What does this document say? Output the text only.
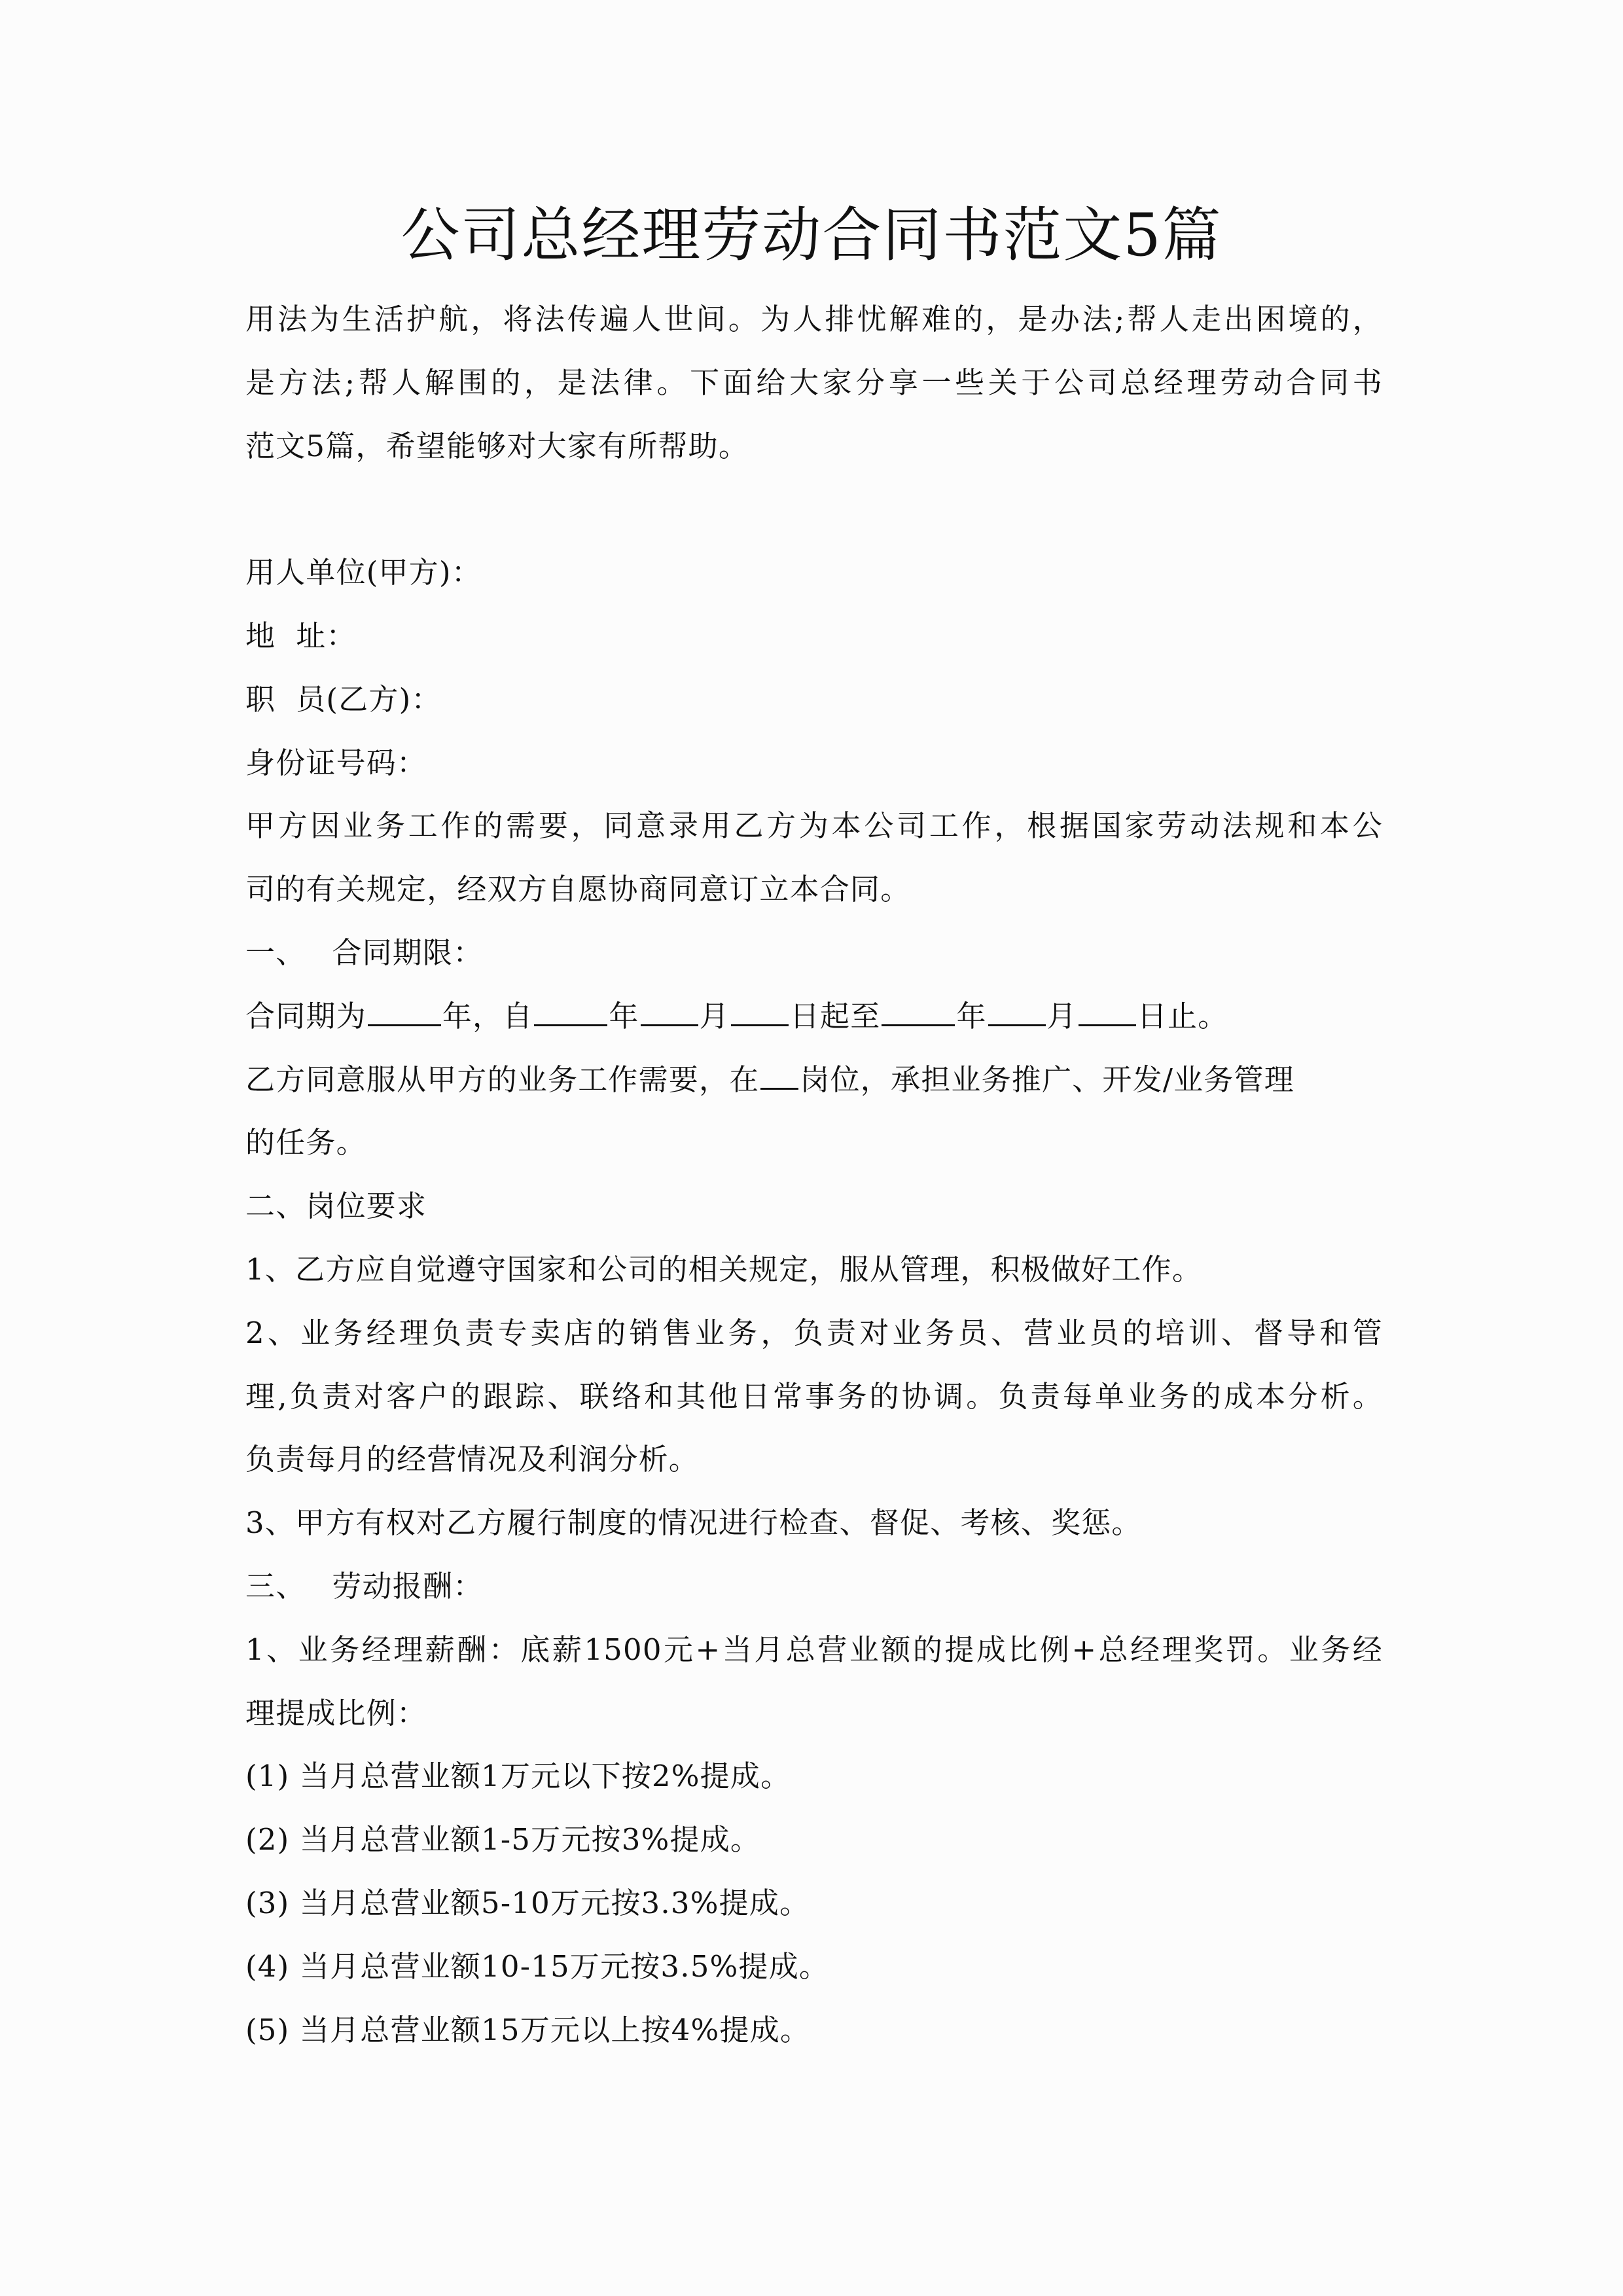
公司总经理劳动合同书范文5篇
用法为生活护航，将法传遍人世间。为人排忧解难的，是办法;帮人走出困境的，
是方法;帮人解围的，是法律。下面给大家分享一些关于公司总经理劳动合同书
范文5篇，希望能够对大家有所帮助。
用人单位(甲方)：
地  址：
职  员(乙方)：
身份证号码：
甲方因业务工作的需要，同意录用乙方为本公司工作，根据国家劳动法规和本公
司的有关规定，经双方自愿协商同意订立本合同。
一、 合同期限：
合同期为	年，自	年 月 日起至	年 月 日止。
乙方同意服从甲方的业务工作需要，在 岗位，承担业务推广、开发/业务管理
的任务。
二、岗位要求
1、乙方应自觉遵守国家和公司的相关规定，服从管理，积极做好工作。
2、业务经理负责专卖店的销售业务，负责对业务员、营业员的培训、督导和管
理,负责对客户的跟踪、联络和其他日常事务的协调。负责每单业务的成本分析。
负责每月的经营情况及利润分析。
3、甲方有权对乙方履行制度的情况进行检查、督促、考核、奖惩。
三、 劳动报酬：
1、业务经理薪酬：底薪1500元+当月总营业额的提成比例+总经理奖罚。业务经
理提成比例：
(1) 当月总营业额1万元以下按2%提成。
(2) 当月总营业额1-5万元按3%提成。
(3) 当月总营业额5-10万元按3.3%提成。
(4) 当月总营业额10-15万元按3.5%提成。
(5) 当月总营业额15万元以上按4%提成。
